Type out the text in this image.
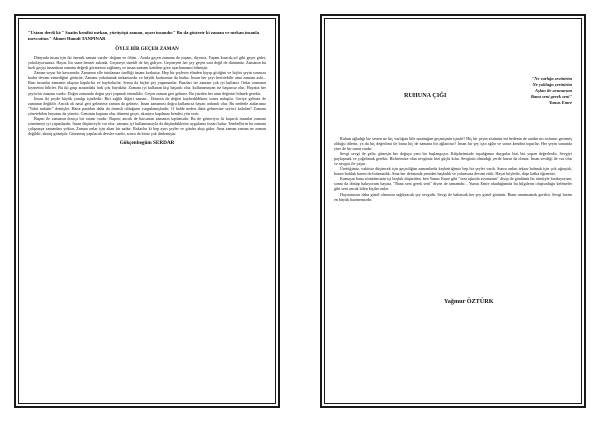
"Ustam derdi ki:" Saatin kendisi mekan, yürüyüşü zaman, ayarı insandır." Bu da gösterir ki zaman ve mekan insanla mevcuttur." Ahmet Hamdi TANPINAR

ÖYLE BİR GEÇER ZAMAN

Dünyada insan için iki önemli zaman vardır: doğum ve ölüm... Arada geçen zamana da yaşam, diyoruz. Yaşam kısacık;yıl gibi geçer gider, yokolayorsunuz. Hayat, bir saate benzer aslında. Geçmeye sürekli de hiç gidiyor. Geçmeyen her şey geçen saat değil de dünümüz. Zamanın bu hızlı geçişi insanların zamanı değerli görmesini sağlamış ve insan zamanı kendine göre ayarlamasını bilmiştir.

Zaman soyut bir kavramdır. Zamanın elle tutulamaz özelliği insanı korkutur. Hep bir şeylerin elinden kayıp gittiğini ve hiçbir şeyin sonsuza kadar devam etmediğini görürüz. Zamanı yakalamak imkansızdır ve büyük korkumuz da budur. İnsan her şeyi bertirebilir ama zamanı asla... Bazı insanlar zamanın akışına kapılırlar ve kaybolurlar. Sonra da hiçbir şey yapamazlar. Bazıları ise zamanı çok iyi kullanır. Onlar zamanın kıymetini bilirler. Bu iki grup arasındaki fark çok büyüktür. Zamanı iyi kullanan kişi başarılı olur, kullanamayan ise başarısız olur. Hayatta her şeyin bir zamanı vardır. Doğru zamanda doğru şeyi yapmak önemlidir. Geçen zaman geri gelmez. Bu yüzden her anın değerini bilmek gerekir.

İnsan iki şeyde büyük yanılgı içindedir: Biri sağlık diğeri zaman... İkisinin de değeri kaybedildikten sonra anlaşılır. Geriye gelmez de zamanın değildir. Ancak ok nasıl geri gelmezse zaman da gelmez. İnsan zamanını doğru kullanırsa hayatı anlamlı olur. Bu nedenle atalarımız "Vakit nakittir" demişler. Hatta paradan daha da önemli olduğunu vurgulamışlardır. O halde neden daha gelmesine seyirci kalalım? Zamanı yönetebilen hayatını da yönetir. Geminin kaptanı olur dümeni geçer, akıntıya kapılmaz kendisi yön verir.

Başım ile zamanın dostça bir ortam vardır. Başım; ancak de harcanan zamanın toplamıdır. Bu de gösteriyor ki başarılı insanlar zamanı yönetmeyi iyi yapanlardır. İnsan düşünceyle var olur, zamanı iyi kullanmasıyla da düşündüklerini uygulama fırsatı bulur. Tembellerin bu zamanı çalışmaya zamanları yoktur. Zaman onlar için akan bir sudur. Bakarlar ki hep aynı şeyler ve günler akıp gider. Ama zaman zaman ne zaman değildir, akmış gitmiştir. Gitmemiş yapılacak dersler vardır, sonra da biraz çok dinlemiştir.

Gökçenbegüm SERDAR
"Ne varlığa sevinirim
Ne yokluğa yerinirim
Aşkın ile avunurum
Bana seni gerek seni"
Yunus Emre

RUHUNA ÇIĞI

Ruhun ağladığı bir sesten ne hiç varlığını bile unuttuğun geçmişinin içinde? Hiç bir şeyin sözünün mi bedenin de aradın mı sırlarını getirmiş olduğu dilerin, ya da hiç değerlimi ile bunu hiç de zamana bir ağlatırsın? İnsan bir şey için ağlar ve sonra kendini toparlar. Her şeyin sonunda yine de bir umut vardır.

Sevgi sevgi ile gelir; güneşin her doğuşu yeni bir başlangıçtır. Kalplerimizde taşıdığımız duygular bizi biz yapan değerlerdir. Sevgiyi paylaşmak ve çoğaltmak gerekir. Birbirimize olan sevgimiz bizi güçlü kılar. Sevginin olmadığı yerde huzur da olmaz. İnsan sevdiği ile var olur ve sevgisi ile yaşar.

Ürettiğimiz, vakitsiz düşüncek için geçirdiğim zamanlarda kaybettiğimiz hep bir şeyler vardı. Sonra onları tekrar bulmak için çok uğraştık, bazen bulduk bazen de bulamadık. Ama her defasında yeniden başladık ve yolumuza devam ettik. Hayat böyledir, düşe kalka öğreniriz.

Kumaşın bana sönüdeminin içi boşluk düşürülen, ben Yunus Emre gibi "seni aşkınla avunurum" diyip de gönlümü bir tümüyle bırakıyorum; sonra da dönüp bakıyorum hayata. "Bana seni gerek seni" diyen de tamamdır... Yunus Emre okuduğumda bu bilgilerin oluşturduğu kelimeler gibi seni ancak bilen kişiler anlar.

Hayatımızın daha güzel olmasını sağlayacak şey sevgidir. Sevgi ile bakarsak her şey güzel görünür. Bunu unutmamak gerekir. Sevgi bizim en büyük hazinemizdir.

Yağmur ÖZTÜRK
